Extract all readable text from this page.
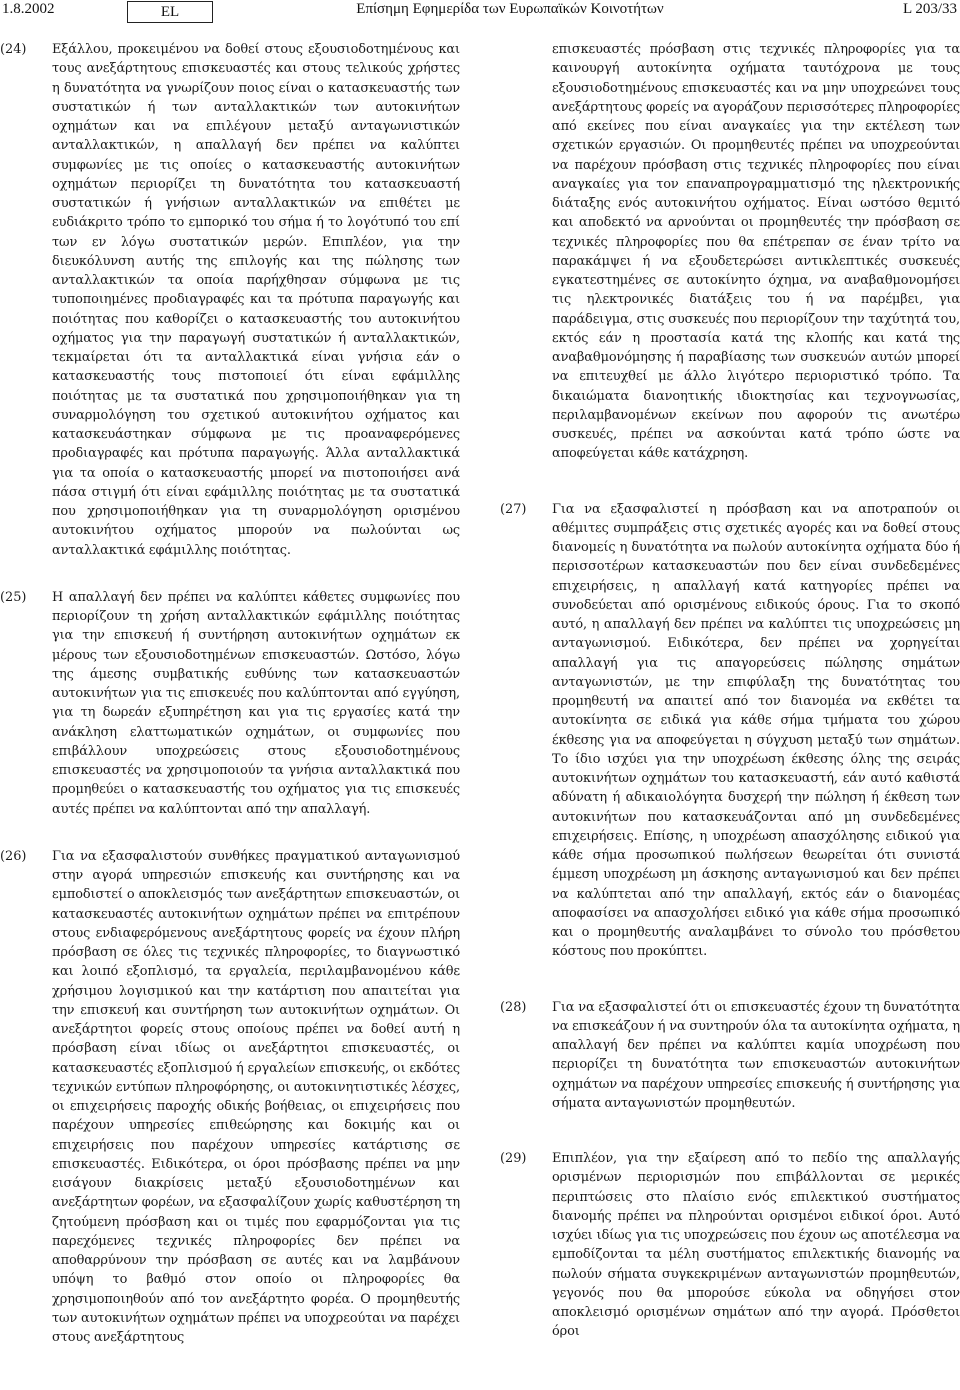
1.8.2002	EL	Επίσημη Εφημερίδα των Ευρωπαϊκών Κοινοτήτων	L 203/33
(24) Εξάλλου, προκειμένου να δοθεί στους εξουσιοδοτημένους και τους ανεξάρτητους επισκευαστές και στους τελικούς χρήστες η δυνατότητα να γνωρίζουν ποιος είναι ο κατασκευαστής των συστατικών ή των ανταλλακτικών των αυτοκινήτων οχημάτων και να επιλέγουν μεταξύ ανταγωνιστικών ανταλλακτικών, η απαλλαγή δεν πρέπει να καλύπτει συμφωνίες με τις οποίες ο κατασκευαστής αυτοκινήτων οχημάτων περιορίζει τη δυνατότητα του κατασκευαστή συστατικών ή γνήσιων ανταλλακτικών να επιθέτει με ευδιάκριτο τρόπο το εμπορικό του σήμα ή το λογότυπό του επί των εν λόγω συστατικών μερών. Επιπλέον, για την διευκόλυνση αυτής της επιλογής και της πώλησης των ανταλλακτικών τα οποία παρήχθησαν σύμφωνα με τις τυποποιημένες προδιαγραφές και τα πρότυπα παραγωγής και ποιότητας που καθορίζει ο κατασκευαστής του αυτοκινήτου οχήματος για την παραγωγή συστατικών ή ανταλλακτικών, τεκμαίρεται ότι τα ανταλλακτικά είναι γνήσια εάν ο κατασκευαστής τους πιστοποιεί ότι είναι εφάμιλλης ποιότητας με τα συστατικά που χρησιμοποιήθηκαν για τη συναρμολόγηση του σχετικού αυτοκινήτου οχήματος και κατασκευάστηκαν σύμφωνα με τις προαναφερόμενες προδιαγραφές και πρότυπα παραγωγής. Άλλα ανταλλακτικά για τα οποία ο κατασκευαστής μπορεί να πιστοποιήσει ανά πάσα στιγμή ότι είναι εφάμιλλης ποιότητας με τα συστατικά που χρησιμοποιήθηκαν για τη συναρμολόγηση ορισμένου αυτοκινήτου οχήματος μπορούν να πωλούνται ως ανταλλακτικά εφάμιλλης ποιότητας.
(25) Η απαλλαγή δεν πρέπει να καλύπτει κάθετες συμφωνίες που περιορίζουν τη χρήση ανταλλακτικών εφάμιλλης ποιότητας για την επισκευή ή συντήρηση αυτοκινήτων οχημάτων εκ μέρους των εξουσιοδοτημένων επισκευαστών. Ωστόσο, λόγω της άμεσης συμβατικής ευθύνης των κατασκευαστών αυτοκινήτων για τις επισκευές που καλύπτονται από εγγύηση, για τη δωρεάν εξυπηρέτηση και για τις εργασίες κατά την ανάκληση ελαττωματικών οχημάτων, οι συμφωνίες που επιβάλλουν υποχρεώσεις στους εξουσιοδοτημένους επισκευαστές να χρησιμοποιούν τα γνήσια ανταλλακτικά που προμηθεύει ο κατασκευαστής του οχήματος για τις επισκευές αυτές πρέπει να καλύπτονται από την απαλλαγή.
(26) Για να εξασφαλιστούν συνθήκες πραγματικού ανταγωνισμού στην αγορά υπηρεσιών επισκευής και συντήρησης και να εμποδιστεί ο αποκλεισμός των ανεξάρτητων επισκευαστών, οι κατασκευαστές αυτοκινήτων οχημάτων πρέπει να επιτρέπουν στους ενδιαφερόμενους ανεξάρτητους φορείς να έχουν πλήρη πρόσβαση σε όλες τις τεχνικές πληροφορίες, το διαγνωστικό και λοιπό εξοπλισμό, τα εργαλεία, περιλαμβανομένου κάθε χρήσιμου λογισμικού και την κατάρτιση που απαιτείται για την επισκευή και συντήρηση των αυτοκινήτων οχημάτων. Οι ανεξάρτητοι φορείς στους οποίους πρέπει να δοθεί αυτή η πρόσβαση είναι ιδίως οι ανεξάρτητοι επισκευαστές, οι κατασκευαστές εξοπλισμού ή εργαλείων επισκευής, οι εκδότες τεχνικών εντύπων πληροφόρησης, οι αυτοκινητιστικές λέσχες, οι επιχειρήσεις παροχής οδικής βοήθειας, οι επιχειρήσεις που παρέχουν υπηρεσίες επιθεώρησης και δοκιμής και οι επιχειρήσεις που παρέχουν υπηρεσίες κατάρτισης σε επισκευαστές. Ειδικότερα, οι όροι πρόσβασης πρέπει να μην εισάγουν διακρίσεις μεταξύ εξουσιοδοτημένων και ανεξάρτητων φορέων, να εξασφαλίζουν χωρίς καθυστέρηση τη ζητούμενη πρόσβαση και οι τιμές που εφαρμόζονται για τις παρεχόμενες τεχνικές πληροφορίες δεν πρέπει να αποθαρρύνουν την πρόσβαση σε αυτές και να λαμβάνουν υπόψη το βαθμό στον οποίο οι πληροφορίες θα χρησιμοποιηθούν από τον ανεξάρτητο φορέα. Ο προμηθευτής των αυτοκινήτων οχημάτων πρέπει να υποχρεούται να παρέχει στους ανεξάρτητους
επισκευαστές πρόσβαση στις τεχνικές πληροφορίες για τα καινουργή αυτοκίνητα οχήματα ταυτόχρονα με τους εξουσιοδοτημένους επισκευαστές και να μην υποχρεώνει τους ανεξάρτητους φορείς να αγοράζουν περισσότερες πληροφορίες από εκείνες που είναι αναγκαίες για την εκτέλεση των σχετικών εργασιών. Οι προμηθευτές πρέπει να υποχρεούνται να παρέχουν πρόσβαση στις τεχνικές πληροφορίες που είναι αναγκαίες για τον επαναπρογραμματισμό της ηλεκτρονικής διάταξης ενός αυτοκινήτου οχήματος. Είναι ωστόσο θεμιτό και αποδεκτό να αρνούνται οι προμηθευτές την πρόσβαση σε τεχνικές πληροφορίες που θα επέτρεπαν σε έναν τρίτο να παρακάμψει ή να εξουδετερώσει αντικλεπτικές συσκευές εγκατεστημένες σε αυτοκίνητο όχημα, να αναβαθμονομήσει τις ηλεκτρονικές διατάξεις του ή να παρέμβει, για παράδειγμα, στις συσκευές που περιορίζουν την ταχύτητά του, εκτός εάν η προστασία κατά της κλοπής και κατά της αναβαθμονόμησης ή παραβίασης των συσκευών αυτών μπορεί να επιτευχθεί με άλλο λιγότερο περιοριστικό τρόπο. Τα δικαιώματα διανοητικής ιδιοκτησίας και τεχνογνωσίας, περιλαμβανομένων εκείνων που αφορούν τις ανωτέρω συσκευές, πρέπει να ασκούνται κατά τρόπο ώστε να αποφεύγεται κάθε κατάχρηση.
(27) Για να εξασφαλιστεί η πρόσβαση και να αποτραπούν οι αθέμιτες συμπράξεις στις σχετικές αγορές και να δοθεί στους διανομείς η δυνατότητα να πωλούν αυτοκίνητα οχήματα δύο ή περισσοτέρων κατασκευαστών που δεν είναι συνδεδεμένες επιχειρήσεις, η απαλλαγή κατά κατηγορίες πρέπει να συνοδεύεται από ορισμένους ειδικούς όρους. Για το σκοπό αυτό, η απαλλαγή δεν πρέπει να καλύπτει τις υποχρεώσεις μη ανταγωνισμού. Ειδικότερα, δεν πρέπει να χορηγείται απαλλαγή για τις απαγορεύσεις πώλησης σημάτων ανταγωνιστών, με την επιφύλαξη της δυνατότητας του προμηθευτή να απαιτεί από τον διανομέα να εκθέτει τα αυτοκίνητα σε ειδικά για κάθε σήμα τμήματα του χώρου έκθεσης για να αποφεύγεται η σύγχυση μεταξύ των σημάτων. Το ίδιο ισχύει για την υποχρέωση έκθεσης όλης της σειράς αυτοκινήτων οχημάτων του κατασκευαστή, εάν αυτό καθιστά αδύνατη ή αδικαιολόγητα δυσχερή την πώληση ή έκθεση των αυτοκινήτων που κατασκευάζονται από μη συνδεδεμένες επιχειρήσεις. Επίσης, η υποχρέωση απασχόλησης ειδικού για κάθε σήμα προσωπικού πωλήσεων θεωρείται ότι συνιστά έμμεση υποχρέωση μη άσκησης ανταγωνισμού και δεν πρέπει να καλύπτεται από την απαλλαγή, εκτός εάν ο διανομέας αποφασίσει να απασχολήσει ειδικό για κάθε σήμα προσωπικό και ο προμηθευτής αναλαμβάνει το σύνολο του πρόσθετου κόστους που προκύπτει.
(28) Για να εξασφαλιστεί ότι οι επισκευαστές έχουν τη δυνατότητα να επισκεάζουν ή να συντηρούν όλα τα αυτοκίνητα οχήματα, η απαλλαγή δεν πρέπει να καλύπτει καμία υποχρέωση που περιορίζει τη δυνατότητα των επισκευαστών αυτοκινήτων οχημάτων να παρέχουν υπηρεσίες επισκευής ή συντήρησης για σήματα ανταγωνιστών προμηθευτών.
(29) Επιπλέον, για την εξαίρεση από το πεδίο της απαλλαγής ορισμένων περιορισμών που επιβάλλονται σε μερικές περιπτώσεις στο πλαίσιο ενός επιλεκτικού συστήματος διανομής πρέπει να πληρούνται ορισμένοι ειδικοί όροι. Αυτό ισχύει ιδίως για τις υποχρεώσεις που έχουν ως αποτέλεσμα να εμποδίζονται τα μέλη συστήματος επιλεκτικής διανομής να πωλούν σήματα συγκεκριμένων ανταγωνιστών προμηθευτών, γεγονός που θα μπορούσε εύκολα να οδηγήσει στον αποκλεισμό ορισμένων σημάτων από την αγορά. Πρόσθετοι όροι
